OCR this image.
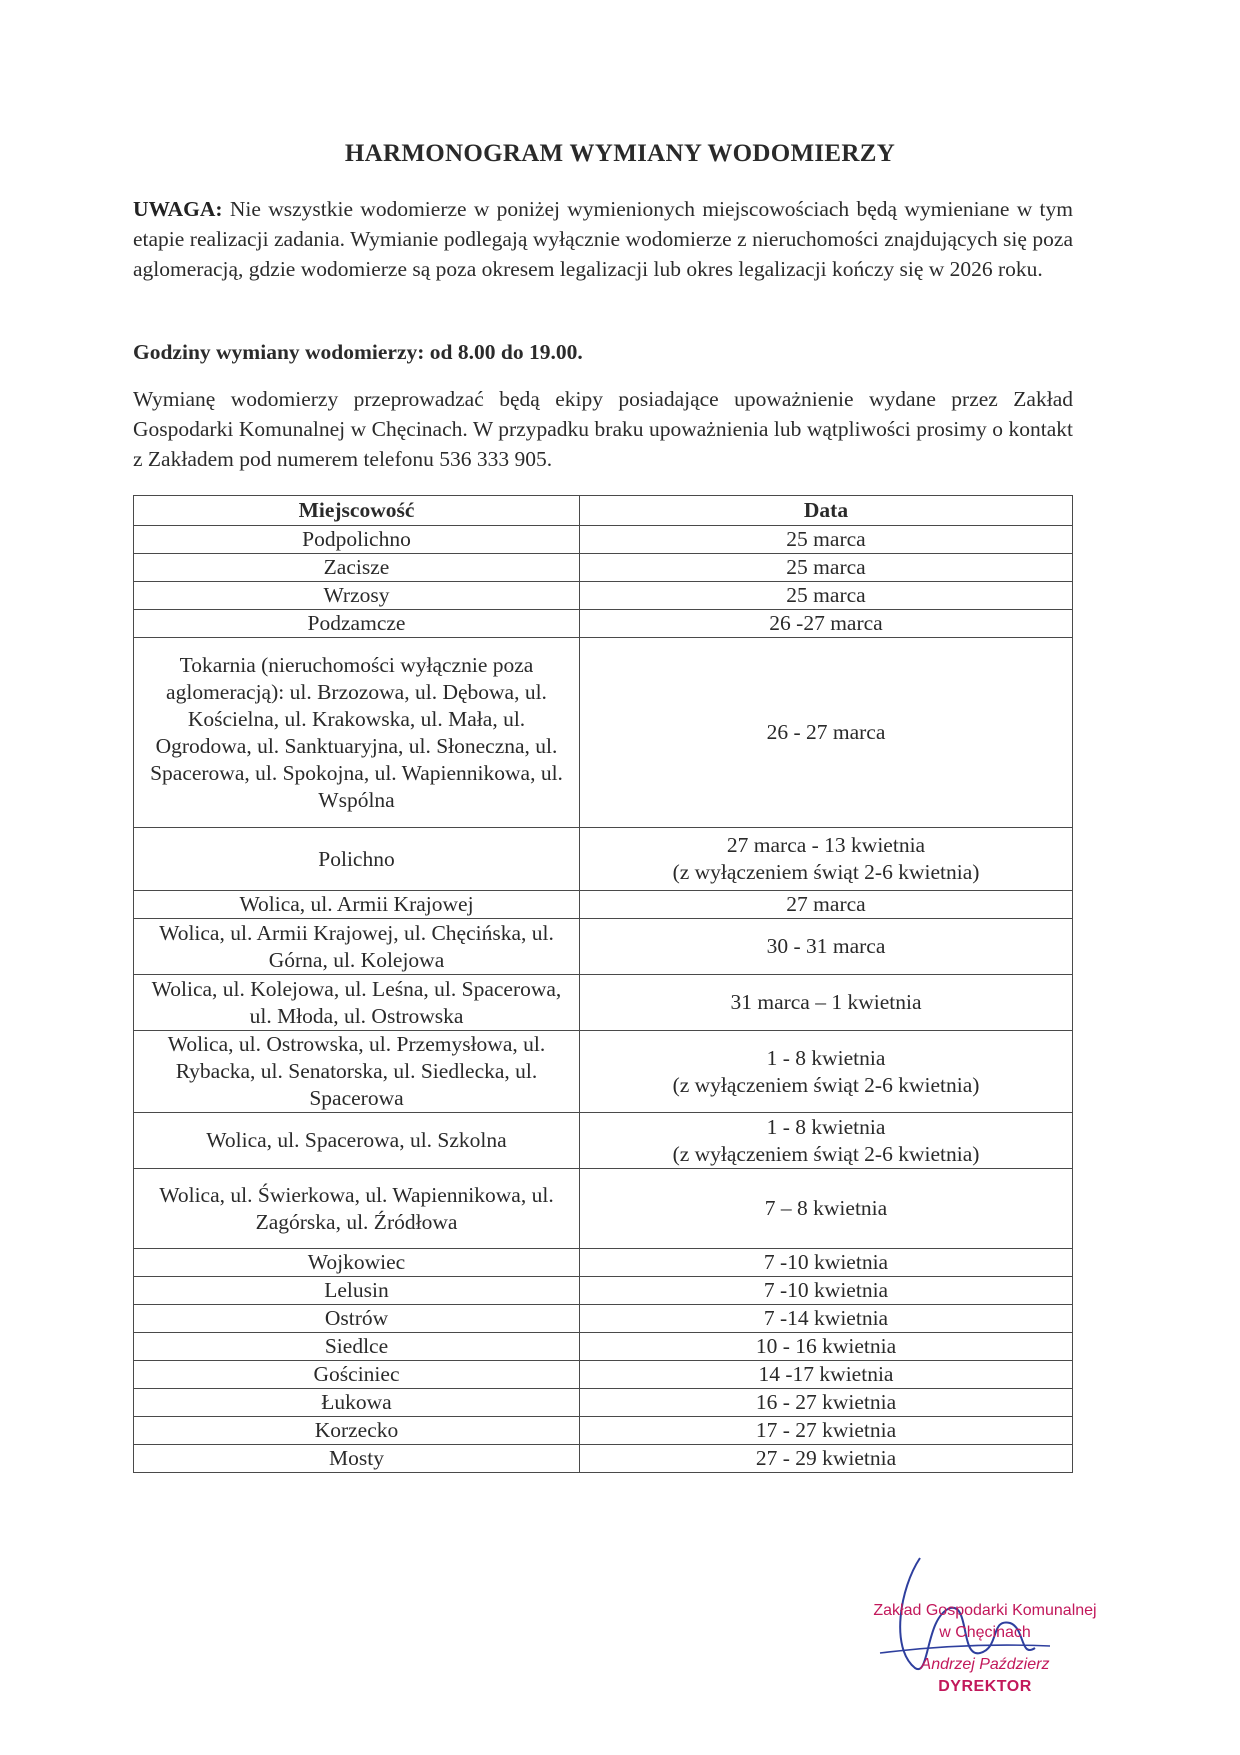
HARMONOGRAM WYMIANY WODOMIERZY
UWAGA: Nie wszystkie wodomierze w poniżej wymienionych miejscowościach będą wymieniane w tym etapie realizacji zadania. Wymianie podlegają wyłącznie wodomierze z nieruchomości znajdujących się poza aglomeracją, gdzie wodomierze są poza okresem legalizacji lub okres legalizacji kończy się w 2026 roku.
Godziny wymiany wodomierzy: od 8.00 do 19.00.
Wymianę wodomierzy przeprowadzać będą ekipy posiadające upoważnienie wydane przez Zakład Gospodarki Komunalnej w Chęcinach. W przypadku braku upoważnienia lub wątpliwości prosimy o kontakt z Zakładem pod numerem telefonu 536 333 905.
Miejscowość	Data
Podpolichno	25 marca
Zacisze	25 marca
Wrzosy	25 marca
Podzamcze	26 -27 marca
Tokarnia (nieruchomości wyłącznie poza aglomeracją): ul. Brzozowa, ul. Dębowa, ul. Kościelna, ul. Krakowska, ul. Mała, ul. Ogrodowa, ul. Sanktuaryjna, ul. Słoneczna, ul. Spacerowa, ul. Spokojna, ul. Wapiennikowa, ul. Wspólna	26 - 27 marca
Polichno	27 marca - 13 kwietnia
(z wyłączeniem świąt 2-6 kwietnia)
Wolica, ul. Armii Krajowej	27 marca
Wolica, ul. Armii Krajowej, ul. Chęcińska, ul. Górna, ul. Kolejowa	30 - 31 marca
Wolica, ul. Kolejowa, ul. Leśna, ul. Spacerowa, ul. Młoda, ul. Ostrowska	31 marca – 1 kwietnia
Wolica, ul. Ostrowska, ul. Przemysłowa, ul. Rybacka, ul. Senatorska, ul. Siedlecka, ul. Spacerowa	1 - 8 kwietnia
(z wyłączeniem świąt 2-6 kwietnia)
Wolica, ul. Spacerowa, ul. Szkolna	1 - 8 kwietnia
(z wyłączeniem świąt 2-6 kwietnia)
Wolica, ul. Świerkowa, ul. Wapiennikowa, ul. Zagórska, ul. Źródłowa	7 – 8 kwietnia
Wojkowiec	7 -10 kwietnia
Lelusin	7 -10 kwietnia
Ostrów	7 -14 kwietnia
Siedlce	10 - 16 kwietnia
Gościniec	14 -17 kwietnia
Łukowa	16 - 27 kwietnia
Korzecko	17 - 27 kwietnia
Mosty	27 - 29 kwietnia
Zakład Gospodarki Komunalnej
w Chęcinach
Andrzej Paździerz
DYREKTOR
